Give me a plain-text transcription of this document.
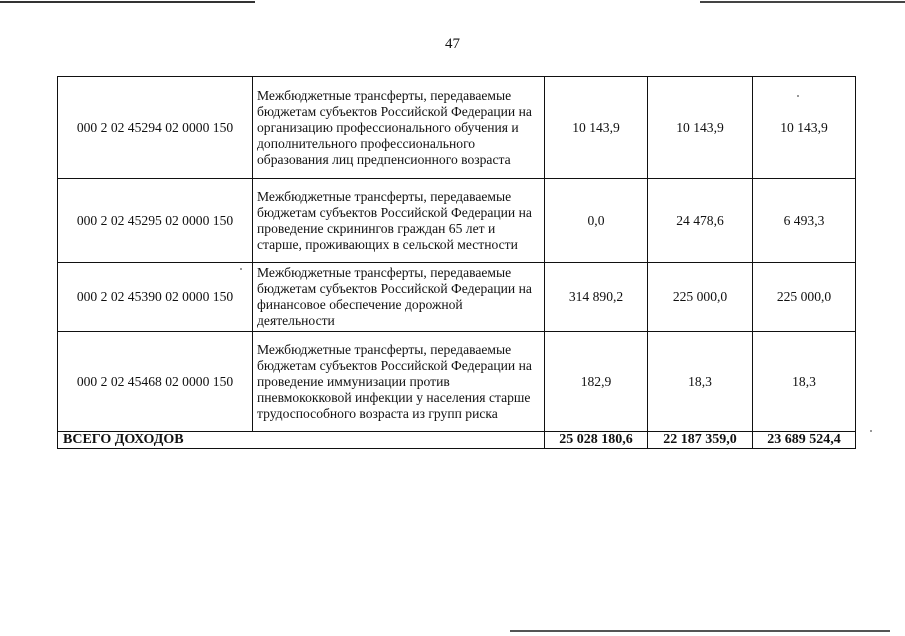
47
000 2 02 45294 02 0000 150	Межбюджетные трансферты, передаваемые бюджетам субъектов Российской Федерации на организацию профессионального обучения и дополнительного профессионального образования лиц предпенсионного возраста	10 143,9	10 143,9	10 143,9
000 2 02 45295 02 0000 150	Межбюджетные трансферты, передаваемые бюджетам субъектов Российской Федерации на проведение скринингов граждан 65 лет и старше, проживающих в сельской местности	0,0	24 478,6	6 493,3
000 2 02 45390 02 0000 150	Межбюджетные трансферты, передаваемые бюджетам субъектов Российской Федерации на финансовое обеспечение дорожной деятельности	314 890,2	225 000,0	225 000,0
000 2 02 45468 02 0000 150	Межбюджетные трансферты, передаваемые бюджетам субъектов Российской Федерации на проведение иммунизации против пневмококковой инфекции у населения старше трудоспособного возраста из групп риска	182,9	18,3	18,3
ВСЕГО ДОХОДОВ		25 028 180,6	22 187 359,0	23 689 524,4
